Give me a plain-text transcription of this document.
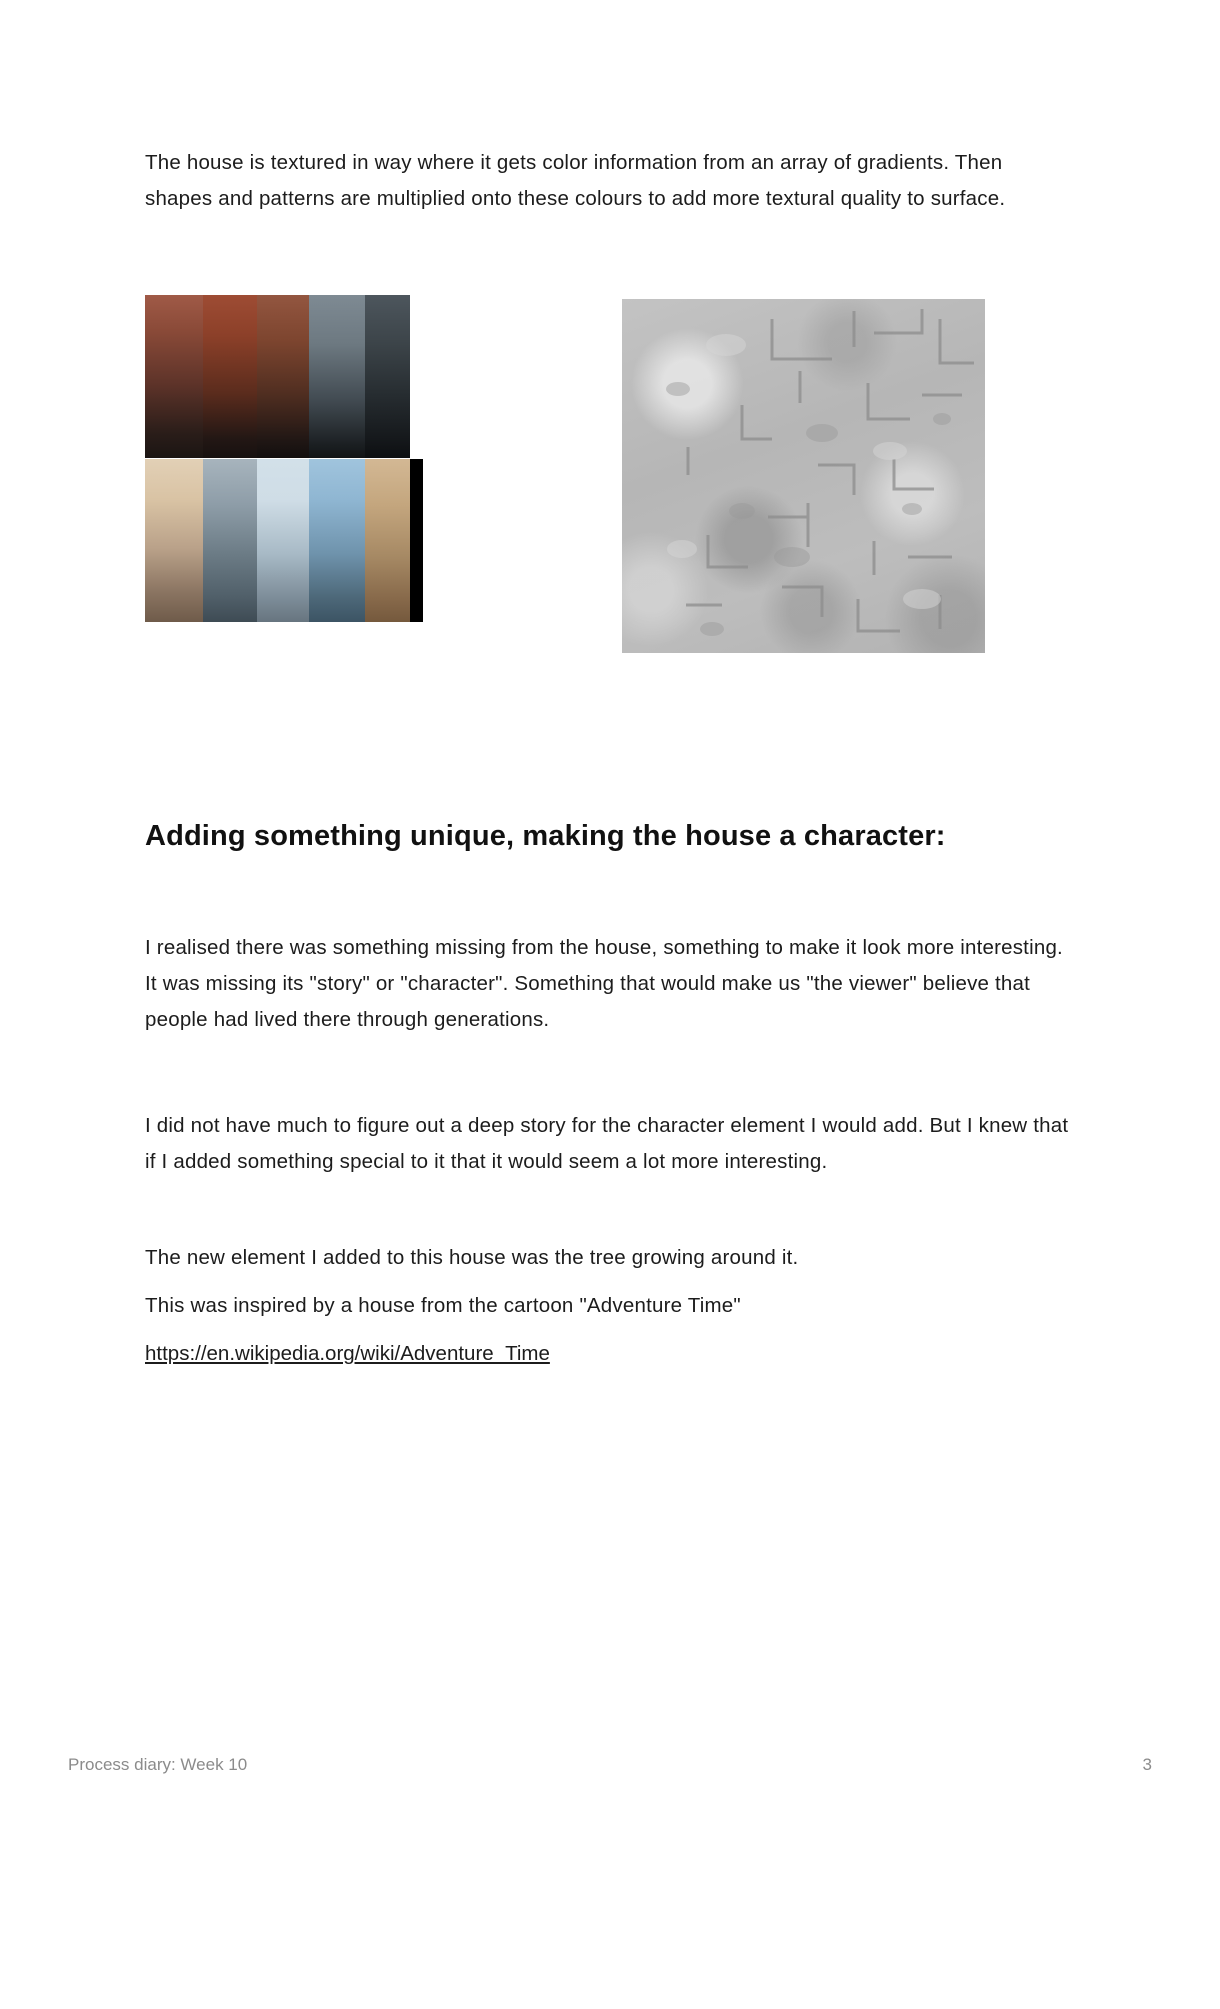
The house is textured in way where it gets color information from an array of gradients. Then shapes and patterns are multiplied onto these colours to add more textural quality to surface.

Adding something unique, making the house a character:

I realised there was something missing from the house, something to make it look more interesting. It was missing its "story" or "character". Something that would make us "the viewer" believe that people had lived there through generations.

I did not have much to figure out a deep story for the character element I would add. But I knew that if I added something special to it that it would seem a lot more interesting.

The new element I added to this house was the tree growing around it.

This was inspired by a house from the cartoon "Adventure Time"

https://en.wikipedia.org/wiki/Adventure_Time
Process diary: Week 10	3
